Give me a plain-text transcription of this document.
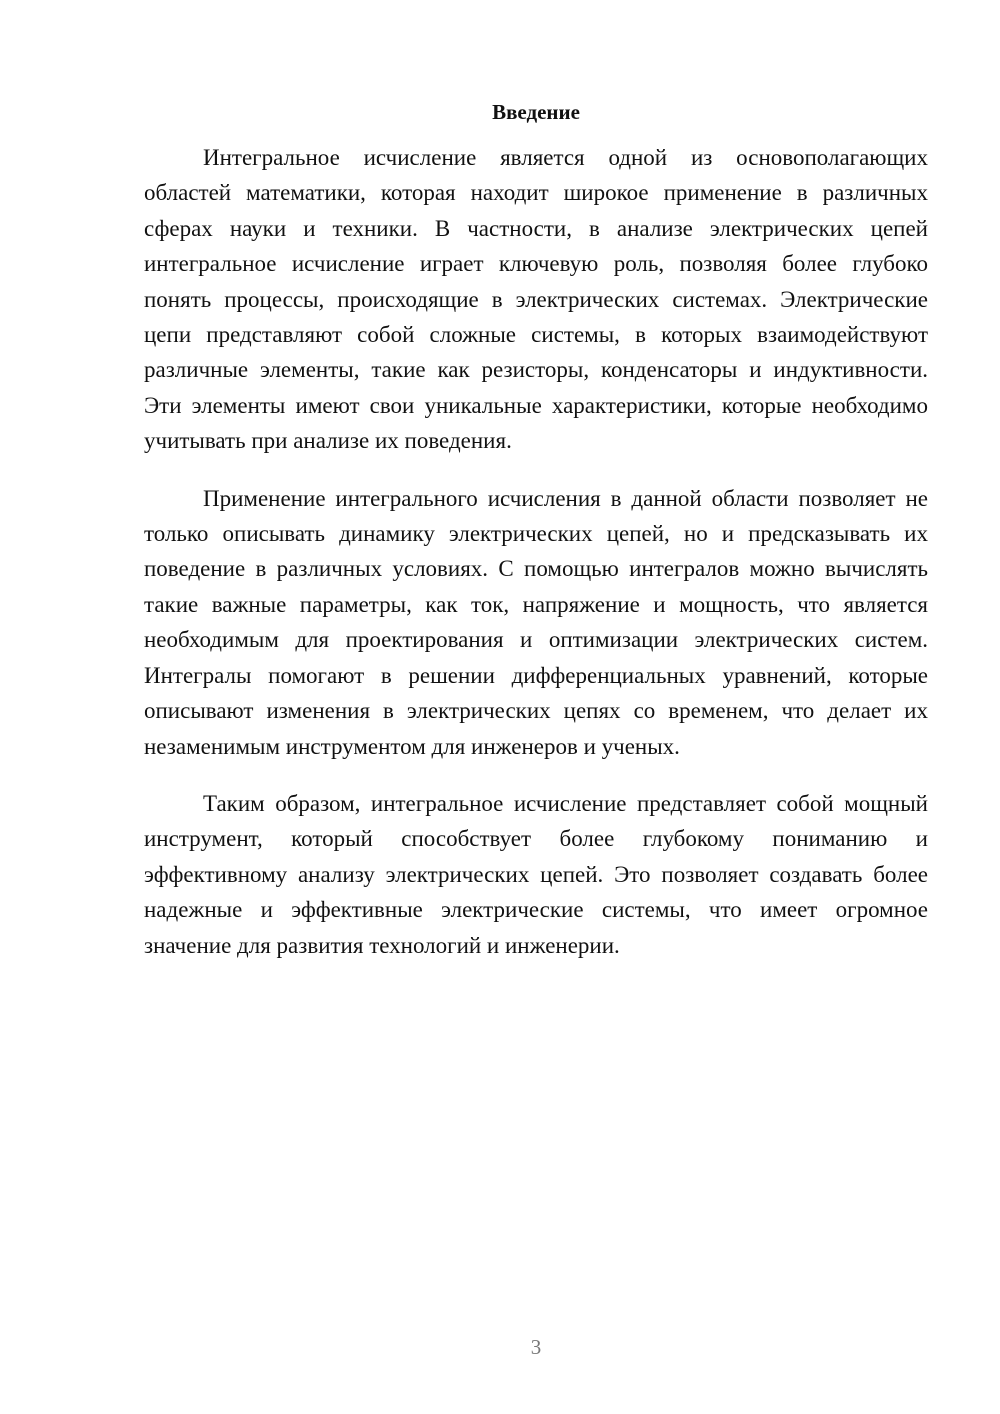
Введение

Интегральное исчисление является одной из основополагающих областей математики, которая находит широкое применение в различных сферах науки и техники. В частности, в анализе электрических цепей интегральное исчисление играет ключевую роль, позволяя более глубоко понять процессы, происходящие в электрических системах. Электрические цепи представляют собой сложные системы, в которых взаимодействуют различные элементы, такие как резисторы, конденсаторы и индуктивности. Эти элементы имеют свои уникальные характеристики, которые необходимо учитывать при анализе их поведения.

Применение интегрального исчисления в данной области позволяет не только описывать динамику электрических цепей, но и предсказывать их поведение в различных условиях. С помощью интегралов можно вычислять такие важные параметры, как ток, напряжение и мощность, что является необходимым для проектирования и оптимизации электрических систем. Интегралы помогают в решении дифференциальных уравнений, которые описывают изменения в электрических цепях со временем, что делает их незаменимым инструментом для инженеров и ученых.

Таким образом, интегральное исчисление представляет собой мощный инструмент, который способствует более глубокому пониманию и эффективному анализу электрических цепей. Это позволяет создавать более надежные и эффективные электрические системы, что имеет огромное значение для развития технологий и инженерии.

3
